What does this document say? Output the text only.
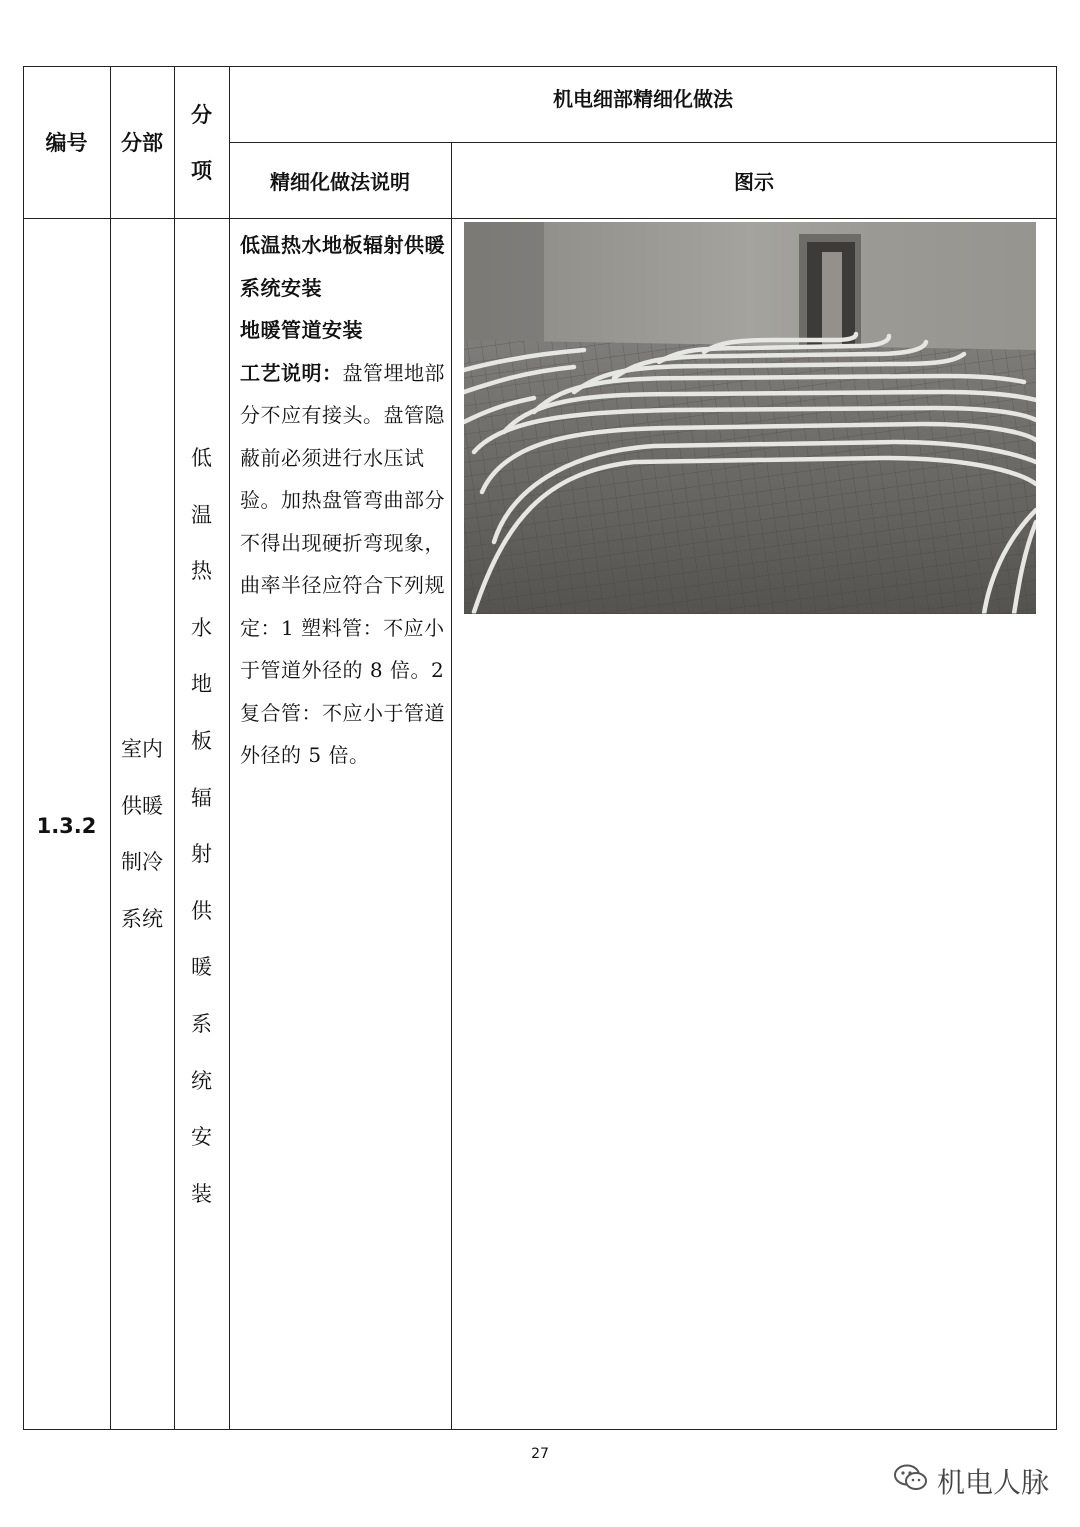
编号	分部
分
项
机电细部精细化做法
精细化做法说明	图示
1.3.2
室内
供暖
制冷
系统
低
温
热
水
地
板
辐
射
供
暖
系
统
安
装
低温热水地板辐射供暖系统安装
地暖管道安装
工艺说明：盘管埋地部分不应有接头。盘管隐蔽前必须进行水压试验。加热盘管弯曲部分不得出现硬折弯现象，曲率半径应符合下列规定：1 塑料管：不应小于管道外径的 8 倍。2 复合管：不应小于管道外径的 5 倍。
27
机电人脉
